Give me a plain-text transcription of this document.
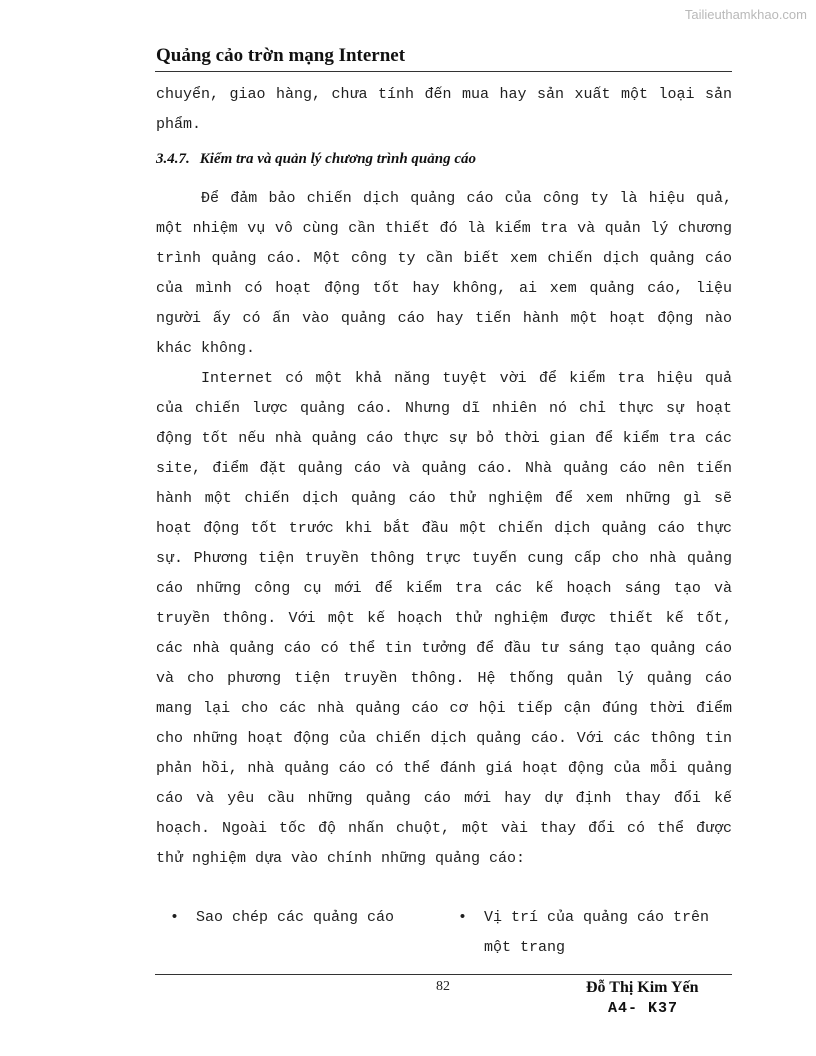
Tailieuthamkhao.com
Quảng cảo trờn mạng Internet

chuyển, giao hàng, chưa tính đến mua hay sản xuất một loại sản phẩm.

3.4.7. Kiểm tra và quản lý chương trình quảng cáo

Để đảm bảo chiến dịch quảng cáo của công ty là hiệu quả, một nhiệm vụ vô cùng cần thiết đó là kiểm tra và quản lý chương trình quảng cáo. Một công ty cần biết xem chiến dịch quảng cáo của mình có hoạt động tốt hay không, ai xem quảng cáo, liệu người ấy có ấn vào quảng cáo hay tiến hành một hoạt động nào khác không.

Internet có một khả năng tuyệt vời để kiểm tra hiệu quả của chiến lược quảng cáo. Nhưng dĩ nhiên nó chỉ thực sự hoạt động tốt nếu nhà quảng cáo thực sự bỏ thời gian để kiểm tra các site, điểm đặt quảng cáo và quảng cáo. Nhà quảng cáo nên tiến hành một chiến dịch quảng cáo thử nghiệm để xem những gì sẽ hoạt động tốt trước khi bắt đầu một chiến dịch quảng cáo thực sự. Phương tiện truyền thông trực tuyến cung cấp cho nhà quảng cáo những công cụ mới để kiểm tra các kế hoạch sáng tạo và truyền thông. Với một kế hoạch thử nghiệm được thiết kế tốt, các nhà quảng cáo có thể tin tưởng để đầu tư sáng tạo quảng cáo và cho phương tiện truyền thông. Hệ thống quản lý quảng cáo mang lại cho các nhà quảng cáo cơ hội tiếp cận đúng thời điểm cho những hoạt động của chiến dịch quảng cáo. Với các thông tin phản hồi, nhà quảng cáo có thể đánh giá hoạt động của mỗi quảng cáo và yêu cầu những quảng cáo mới hay dự định thay đổi kế hoạch. Ngoài tốc độ nhấn chuột, một vài thay đổi có thể được thử nghiệm dựa vào chính những quảng cáo:

• Sao chép các quảng cáo	• Vị trí của quảng cáo trên một trang
82	Đỗ Thị Kim Yến
A4- K37
